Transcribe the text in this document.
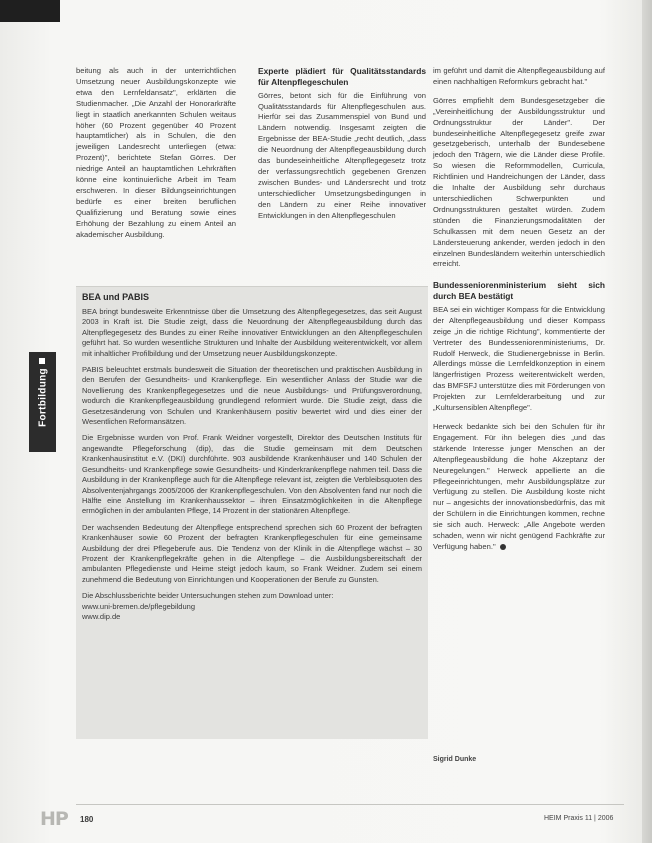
Fortbildung

beitung als auch in der unterrichtlichen Umsetzung neuer Ausbildungskonzepte wie etwa den Lernfeldansatz", erklärten die Studienmacher. „Die Anzahl der Honorarkräfte liegt in staatlich anerkannten Schulen weitaus höher (60 Prozent gegenüber 40 Prozent hauptamtlicher) als in Schulen, die den jeweiligen Landesrecht unterliegen (etwa: Prozent)", berichtete Stefan Görres. Der niedrige Anteil an hauptamtlichen Lehrkräften könne eine kontinuierliche Arbeit im Team erschweren. In dieser Bildungseinrichtungen bedürfe es einer breiten beruflichen Qualifizierung und Beratung sowie eines Erhöhung der Bezahlung zu einem Anteil an akademischer Ausbildung.

Experte plädiert für Qualitätsstandards für Altenpflegeschulen

Görres, betont sich für die Einführung von Qualitätsstandards für Altenpflegeschulen aus. Hierfür sei das Zusammenspiel von Bund und Ländern notwendig. Insgesamt zeigten die Ergebnisse der BEA-Studie „recht deutlich, „dass die Neuordnung der Altenpflegeausbildung durch das bundeseinheitliche Altenpflegegesetz trotz der verfassungsrechtlich gegebenen Grenzen zwischen Bundes- und Ländersrecht und trotz unterschiedlicher Umsetzungsbedingungen in den Ländern zu einer Reihe innovativer Entwicklungen in den Altenpflegeschulen

im geführt und damit die Altenpflegeausbildung auf einen nachhaltigen Reformkurs gebracht hat."

Görres empfiehlt dem Bundesgesetzgeber die „Vereinheitlichung der Ausbildungsstruktur und Ordnungsstruktur der Länder". Der bundeseinheitliche Altenpflegegesetz greife zwar gesetzgeberisch, unterhalb der Bundesebene jedoch den Trägern, wie die Länder diese Profile. So wiesen die Reformmodellen, Curricula, Richtlinien und Handreichungen der Länder, dass die Inhalte der Ausbildung sehr durchaus unterschiedlichen Schwerpunkten und Ordnungsstrukturen gestaltet würden. Zudem stünden die Finanzierungsmodalitäten der Schulkassen mit dem neuen Gesetz an der Ländersteuerung ankender, werden jedoch in den einzelnen Bundesländern weiterhin unterschiedlich erreicht.

Bundesseniorenministerium sieht sich durch BEA bestätigt

BEA sei ein wichtiger Kompass für die Entwicklung der Altenpflegeausbildung und dieser Kompass zeige „in die richtige Richtung", kommentierte der Vertreter des Bundesseniorenministeriums, Dr. Rudolf Herweck, die Studienergebnisse in Berlin. Allerdings müsse die Lernfeldkonzeption in einem längerfristigen Prozess weiterentwickelt werden, das BMFSFJ unterstütze dies mit Förderungen von Projekten zur Lernfelderarbeitung und zur „Kultursensiblen Altenpflege".

Herweck bedankte sich bei den Schulen für ihr Engagement. Für ihn belegen dies „und das stärkende Interesse junger Menschen an der Altenpflegeausbildung die hohe Akzeptanz der Neuregelungen." Herweck appellierte an die Pflegeeinrichtungen, mehr Ausbildungsplätze zur Verfügung zu stellen. Die Ausbildung koste nicht nur – angesichts der innovationsbedürfnis, das mit der Schülern in die Einrichtungen kommen, rechne sie sich auch. Herweck: „Alle Angebote werden schaden, wenn wir nicht genügend Fachkräfte zur Verfügung haben."

BEA und PABIS

BEA bringt bundesweite Erkenntnisse über die Umsetzung des Altenpflegegesetzes, das seit August 2003 in Kraft ist. Die Studie zeigt, dass die Neuordnung der Altenpflegeausbildung durch das Altenpflegegesetz des Bundes zu einer Reihe innovativer Entwicklungen an den Altenpflegeschulen geführt hat. So wurden wesentliche Strukturen und Inhalte der Ausbildung weiterentwickelt, vor allem mit inhaltlicher Profilbildung und der Umsetzung neuer Ausbildungskonzepte.

PABIS beleuchtet erstmals bundesweit die Situation der theoretischen und praktischen Ausbildung in den Berufen der Gesundheits- und Krankenpflege. Ein wesentlicher Anlass der Studie war die Novellierung des Krankenpflegegesetzes und die neue Ausbildungs- und Prüfungsverordnung, wodurch die Krankenpflegeausbildung grundlegend reformiert wurde. Die Studie zeigt, dass die Gesetzesänderung von Schulen und Krankenhäusern positiv bewertet wird und dies einer der Wesentlichen Reformansätzen.

Die Ergebnisse wurden von Prof. Frank Weidner vorgestellt, Direktor des Deutschen Instituts für angewandte Pflegeforschung (dip), das die Studie gemeinsam mit dem Deutschen Krankenhausinstitut e.V. (DKI) durchführte. 903 ausbildende Krankenhäuser und 140 Schulen der Gesundheits- und Krankenpflege sowie Gesundheits- und Kinderkrankenpflege nahmen teil. Dass die Ausbildung in der Krankenpflege auch für die Altenpflege relevant ist, zeigten die Verbleibsquoten des Absolventenjahrgangs 2005/2006 der Krankenpflegeschulen. Von den Absolventen fand nur noch die Hälfte eine Anstellung im Krankenhaussektor – ihren Einsatzmöglichkeiten in die Altenpflege ermöglichen in der ambulanten Pflege, 14 Prozent in der stationären Altenpflege.

Der wachsenden Bedeutung der Altenpflege entsprechend sprechen sich 60 Prozent der befragten Krankenhäuser sowie 60 Prozent der befragten Krankenpflegeschulen für eine gemeinsame Ausbildung der drei Pflegeberufe aus. Die Tendenz von der Klinik in die Altenpflege wächst – 30 Prozent der Krankenpflegekräfte gehen in die Altenpflege – die Ausbildungsbereitschaft der ambulanten Pflegedienste und Heime steigt jedoch kaum, so Frank Weidner. Zudem sei einem zunehmend die Bedeutung von Einrichtungen und Kooperationen der Berufe zu Gunsten.

Die Abschlussberichte beider Untersuchungen stehen zum Download unter:
www.uni-bremen.de/pflegebildung
www.dip.de
Sigrid Dunke
HP 180	HEIM Praxis 11 | 2006
